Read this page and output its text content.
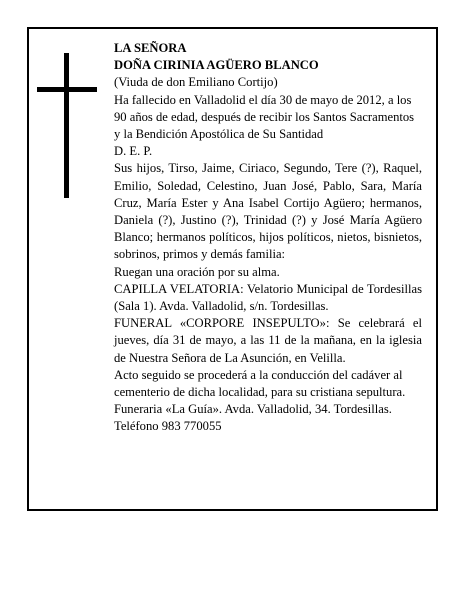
LA SEÑORA

DOÑA CIRINIA AGÜERO BLANCO

(Viuda de don Emiliano Cortijo)

Ha fallecido en Valladolid el día 30 de mayo de 2012, a los 90 años de edad, después de recibir los Santos Sacramentos y la Bendición Apostólica de Su Santidad

D. E. P.

Sus hijos, Tirso, Jaime, Ciriaco, Segundo, Tere (?), Raquel, Emilio, Soledad, Celestino, Juan José, Pablo, Sara, María Cruz, María Ester y Ana Isabel Cortijo Agüero; hermanos, Daniela (?), Justino (?), Trinidad (?) y José María Agüero Blanco; hermanos políticos, hijos políticos, nietos, bisnietos, sobrinos, primos y demás familia:

Ruegan una oración por su alma.

CAPILLA VELATORIA: Velatorio Municipal de Tordesillas (Sala 1). Avda. Valladolid, s/n. Tordesillas.

FUNERAL «CORPORE INSEPULTO»: Se celebrará el jueves, día 31 de mayo, a las 11 de la mañana, en la iglesia de Nuestra Señora de La Asunción, en Velilla.

Acto seguido se procederá a la conducción del cadáver al cementerio de dicha localidad, para su cristiana sepultura.

Funeraria «La Guía». Avda. Valladolid, 34. Tordesillas.

Teléfono 983 770055
